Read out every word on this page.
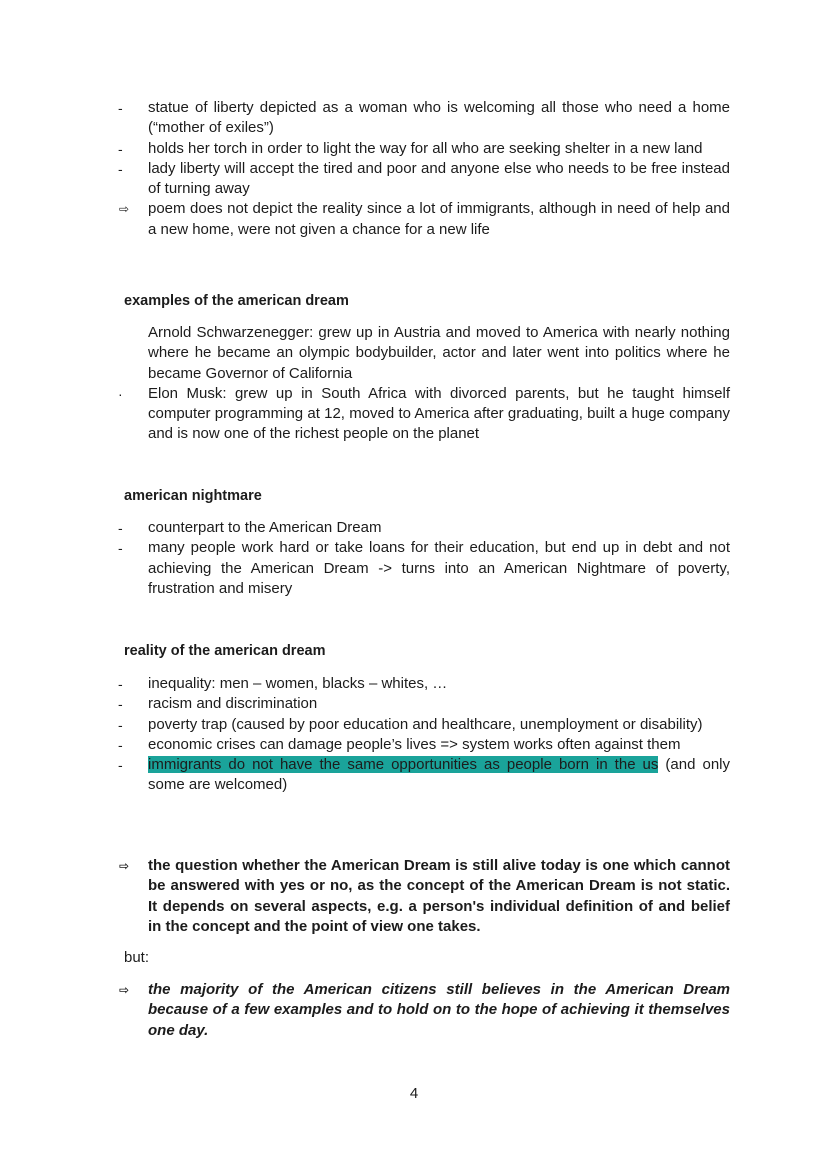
-	statue of liberty depicted as a woman who is welcoming all those who need a home (“mother of exiles”)
-	holds her torch in order to light the way for all who are seeking shelter in a new land
-	lady liberty will accept the tired and poor and anyone else who needs to be free instead of turning away
⇨	poem does not depict the reality since a lot of immigrants, although in need of help and a new home, were not given a chance for a new life
examples of the american dream
Arnold Schwarzenegger: grew up in Austria and moved to America with nearly nothing where he became an olympic bodybuilder, actor and later went into politics where he became Governor of California
·	Elon Musk: grew up in South Africa with divorced parents, but he taught himself computer programming at 12, moved to America after graduating, built a huge company and is now one of the richest people on the planet
american nightmare
-	counterpart to the American Dream
-	many people work hard or take loans for their education, but end up in debt and not achieving the American Dream -> turns into an American Nightmare of poverty, frustration and misery
reality of the american dream
-	inequality: men – women, blacks – whites, …
-	racism and discrimination
-	poverty trap (caused by poor education and healthcare, unemployment or disability)
-	economic crises can damage people’s lives => system works often against them
-	immigrants do not have the same opportunities as people born in the us (and only some are welcomed)
⇨	the question whether the American Dream is still alive today is one which cannot be answered with yes or no, as the concept of the American Dream is not static. It depends on several aspects, e.g. a person's individual definition of and belief in the concept and the point of view one takes.
but:
⇨	the majority of the American citizens still believes in the American Dream because of a few examples and to hold on to the hope of achieving it themselves one day.
4
